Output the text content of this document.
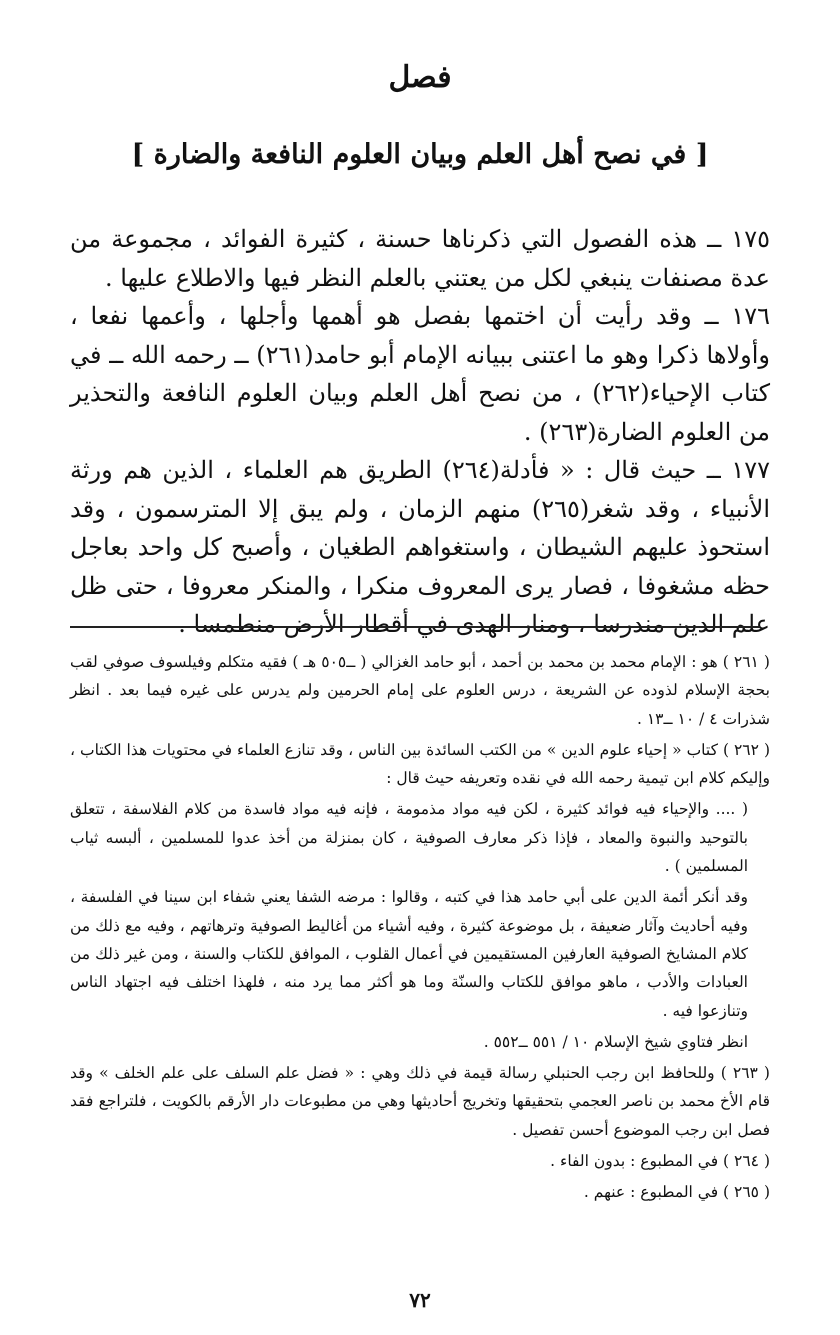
فصل
[ في نصح أهل العلم وبيان العلوم النافعة والضارة ]

١٧٥ ــ هذه الفصول التي ذكرناها حسنة ، كثيرة الفوائد ، مجموعة من عدة مصنفات ينبغي لكل من يعتني بالعلم النظر فيها والاطلاع عليها .

١٧٦ ــ وقد رأيت أن اختمها بفصل هو أهمها وأجلها ، وأعمها نفعا ، وأولاها ذكرا وهو ما اعتنى ببيانه الإمام أبو حامد(٢٦١) ــ رحمه الله ــ في كتاب الإحياء(٢٦٢) ، من نصح أهل العلم وبيان العلوم النافعة والتحذير من العلوم الضارة(٢٦٣) .

١٧٧ ــ حيث قال : « فأدلة(٢٦٤) الطريق هم العلماء ، الذين هم ورثة الأنبياء ، وقد شغر(٢٦٥) منهم الزمان ، ولم يبق إلا المترسمون ، وقد استحوذ عليهم الشيطان ، واستغواهم الطغيان ، وأصبح كل واحد بعاجل حظه مشغوفا ، فصار يرى المعروف منكرا ، والمنكر معروفا ، حتى ظل علم الدين مندرسا ، ومنار الهدى في أقطار الأرض منطمسا .

( ٢٦١ ) هو : الإمام محمد بن محمد بن أحمد ، أبو حامد الغزالي ( ــ٥٠٥ هـ ) فقيه متكلم وفيلسوف صوفي لقب بحجة الإسلام لذوده عن الشريعة ، درس العلوم على إمام الحرمين ولم يدرس على غيره فيما بعد . انظر شذرات ٤ / ١٠ ــ١٣ .

( ٢٦٢ ) كتاب « إحياء علوم الدين » من الكتب السائدة بين الناس ، وقد تنازع العلماء في محتويات هذا الكتاب ، وإليكم كلام ابن تيمية رحمه الله في نقده وتعريفه حيث قال :

( .... والإحياء فيه فوائد كثيرة ، لكن فيه مواد مذمومة ، فإنه فيه مواد فاسدة من كلام الفلاسفة ، تتعلق بالتوحيد والنبوة والمعاد ، فإذا ذكر معارف الصوفية ، كان بمنزلة من أخذ عدوا للمسلمين ، ألبسه ثياب المسلمين ) .

وقد أنكر أئمة الدين على أبي حامد هذا في كتبه ، وقالوا : مرضه الشفا يعني شفاء ابن سينا في الفلسفة ، وفيه أحاديث وآثار ضعيفة ، بل موضوعة كثيرة ، وفيه أشياء من أغاليط الصوفية وترهاتهم ، وفيه مع ذلك من كلام المشايخ الصوفية العارفين المستقيمين في أعمال القلوب ، الموافق للكتاب والسنة ، ومن غير ذلك من العبادات والأدب ، ماهو موافق للكتاب والسنّة وما هو أكثر مما يرد منه ، فلهذا اختلف فيه اجتهاد الناس وتنازعوا فيه .

انظر فتاوي شيخ الإسلام ١٠ / ٥٥١ ــ٥٥٢ .

( ٢٦٣ ) وللحافظ ابن رجب الحنبلي رسالة قيمة في ذلك وهي : « فضل علم السلف على علم الخلف » وقد قام الأخ محمد بن ناصر العجمي بتحقيقها وتخريج أحاديثها وهي من مطبوعات دار الأرقم بالكويت ، فلتراجع فقد فصل ابن رجب الموضوع أحسن تفصيل .

( ٢٦٤ ) في المطبوع : بدون الفاء .

( ٢٦٥ ) في المطبوع : عنهم .

٧٢
